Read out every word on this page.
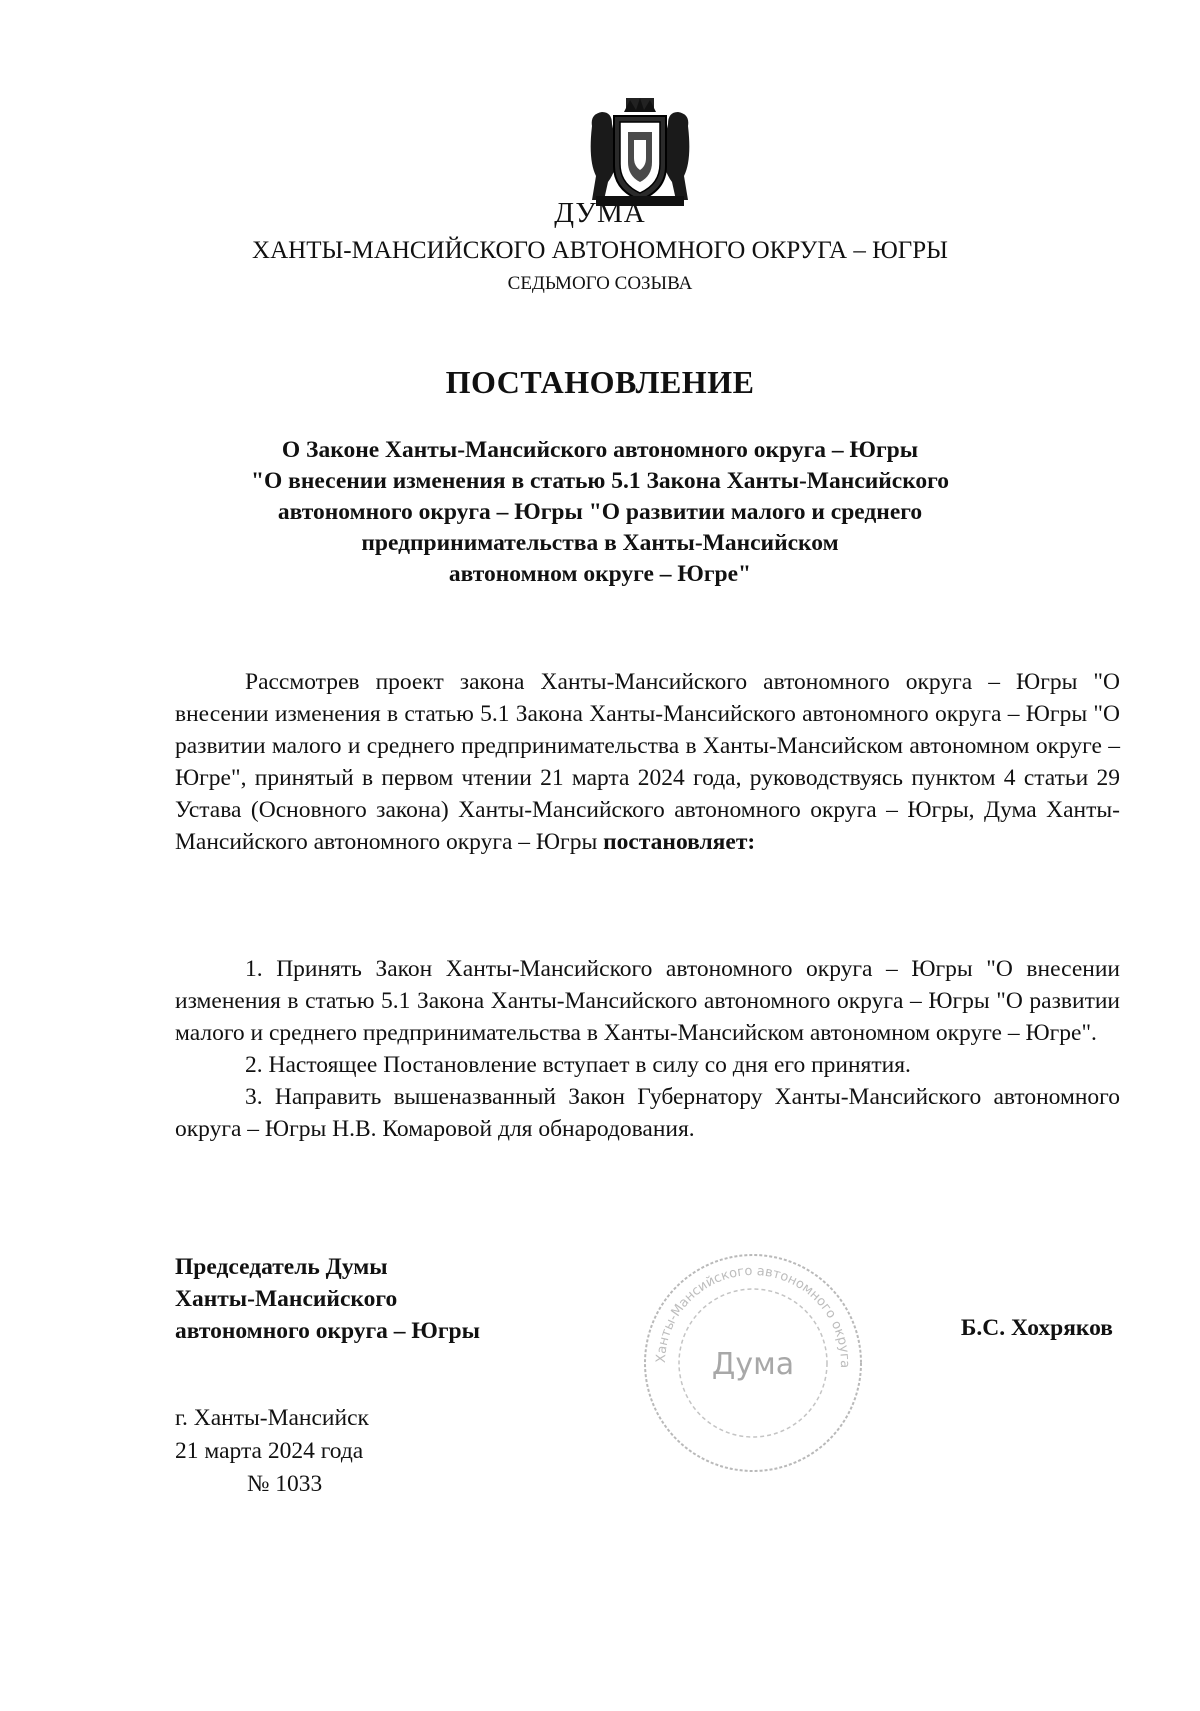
ДУМА
ХАНТЫ-МАНСИЙСКОГО АВТОНОМНОГО ОКРУГА – ЮГРЫ
СЕДЬМОГО СОЗЫВА
ПОСТАНОВЛЕНИЕ
О Законе Ханты-Мансийского автономного округа – Югры
"О внесении изменения в статью 5.1 Закона Ханты-Мансийского
автономного округа – Югры "О развитии малого и среднего
предпринимательства в Ханты-Мансийском
автономном округе – Югре"

Рассмотрев проект закона Ханты-Мансийского автономного округа – Югры "О внесении изменения в статью 5.1 Закона Ханты-Мансийского автономного округа – Югры "О развитии малого и среднего предпринимательства в Ханты-Мансийском автономном округе – Югре", принятый в первом чтении 21 марта 2024 года, руководствуясь пунктом 4 статьи 29 Устава (Основного закона) Ханты-Мансийского автономного округа – Югры, Дума Ханты-Мансийского автономного округа – Югры постановляет:

1. Принять Закон Ханты-Мансийского автономного округа – Югры "О внесении изменения в статью 5.1 Закона Ханты-Мансийского автономного округа – Югры "О развитии малого и среднего предпринимательства в Ханты-Мансийском автономном округе – Югре".

2. Настоящее Постановление вступает в силу со дня его принятия.

3. Направить вышеназванный Закон Губернатору Ханты-Мансийского автономного округа – Югры Н.В. Комаровой для обнародования.

Председатель Думы
Ханты-Мансийского
автономного округа – Югры
Ханты-Мансийского автономного округа
Дума
Б.С. Хохряков
г. Ханты-Мансийск
21 марта 2024 года
№ 1033
